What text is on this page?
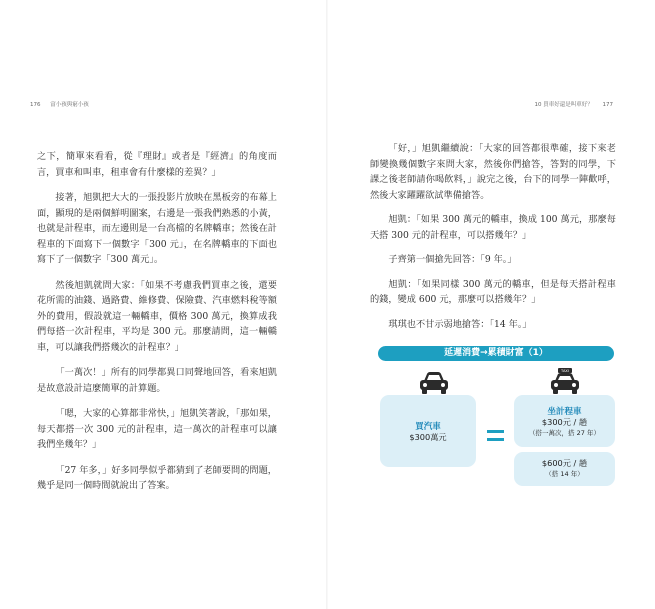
176 富小孩與窮小孩

之下，簡單來看看，從『理財』或者是『經濟』的角度而言，買車和叫車，租車會有什麼樣的差異？」

接著，旭凱把大大的一張投影片放映在黑板旁的布幕上面，顯現的是兩個鮮明圖案，右邊是一張我們熟悉的小黃，也就是計程車，而左邊則是一台高檔的名牌轎車；然後在計程車的下面寫下一個數字「300 元」，在名牌轎車的下面也寫下了一個數字「300 萬元」。

然後旭凱就問大家：「如果不考慮我們買車之後，還要花所需的油錢、過路費、維修費、保險費、汽車燃料稅等額外的費用，假設就這一輛轎車，價格 300 萬元，換算成我們每搭一次計程車，平均是 300 元。那麼請問，這一輛轎車，可以讓我們搭幾次的計程車？」

「一萬次！」所有的同學都異口同聲地回答，看來旭凱是故意設計這麼簡單的計算題。

「嗯，大家的心算都非常快，」旭凱笑著說，「那如果，每天都搭一次 300 元的計程車，這一萬次的計程車可以讓我們坐幾年？」

「27 年多，」好多同學似乎都猜到了老師要問的問題，幾乎是同一個時間就說出了答案。

10 買車好還是叫車好？ 177

「好，」旭凱繼續說：「大家的回答都很準確，接下來老師變換幾個數字來問大家，然後你們搶答，答對的同學，下課之後老師請你喝飲料，」說完之後，台下的同學一陣歡呼，然後大家躍躍欲試準備搶答。

旭凱：「如果 300 萬元的轎車，換成 100 萬元，那麼每天搭 300 元的計程車，可以搭幾年？」

子齊第一個搶先回答：「9 年。」

旭凱：「如果同樣 300 萬元的轎車，但是每天搭計程車的錢，變成 600 元，那麼可以搭幾年？」

琪琪也不甘示弱地搶答：「14 年。」

延遲消費→累積財富（1）
TAXI
買汽車
$300萬元
坐計程車
$300元 / 趟
（搭一萬次，搭 27 年）
$600元 / 趟
（搭 14 年）
